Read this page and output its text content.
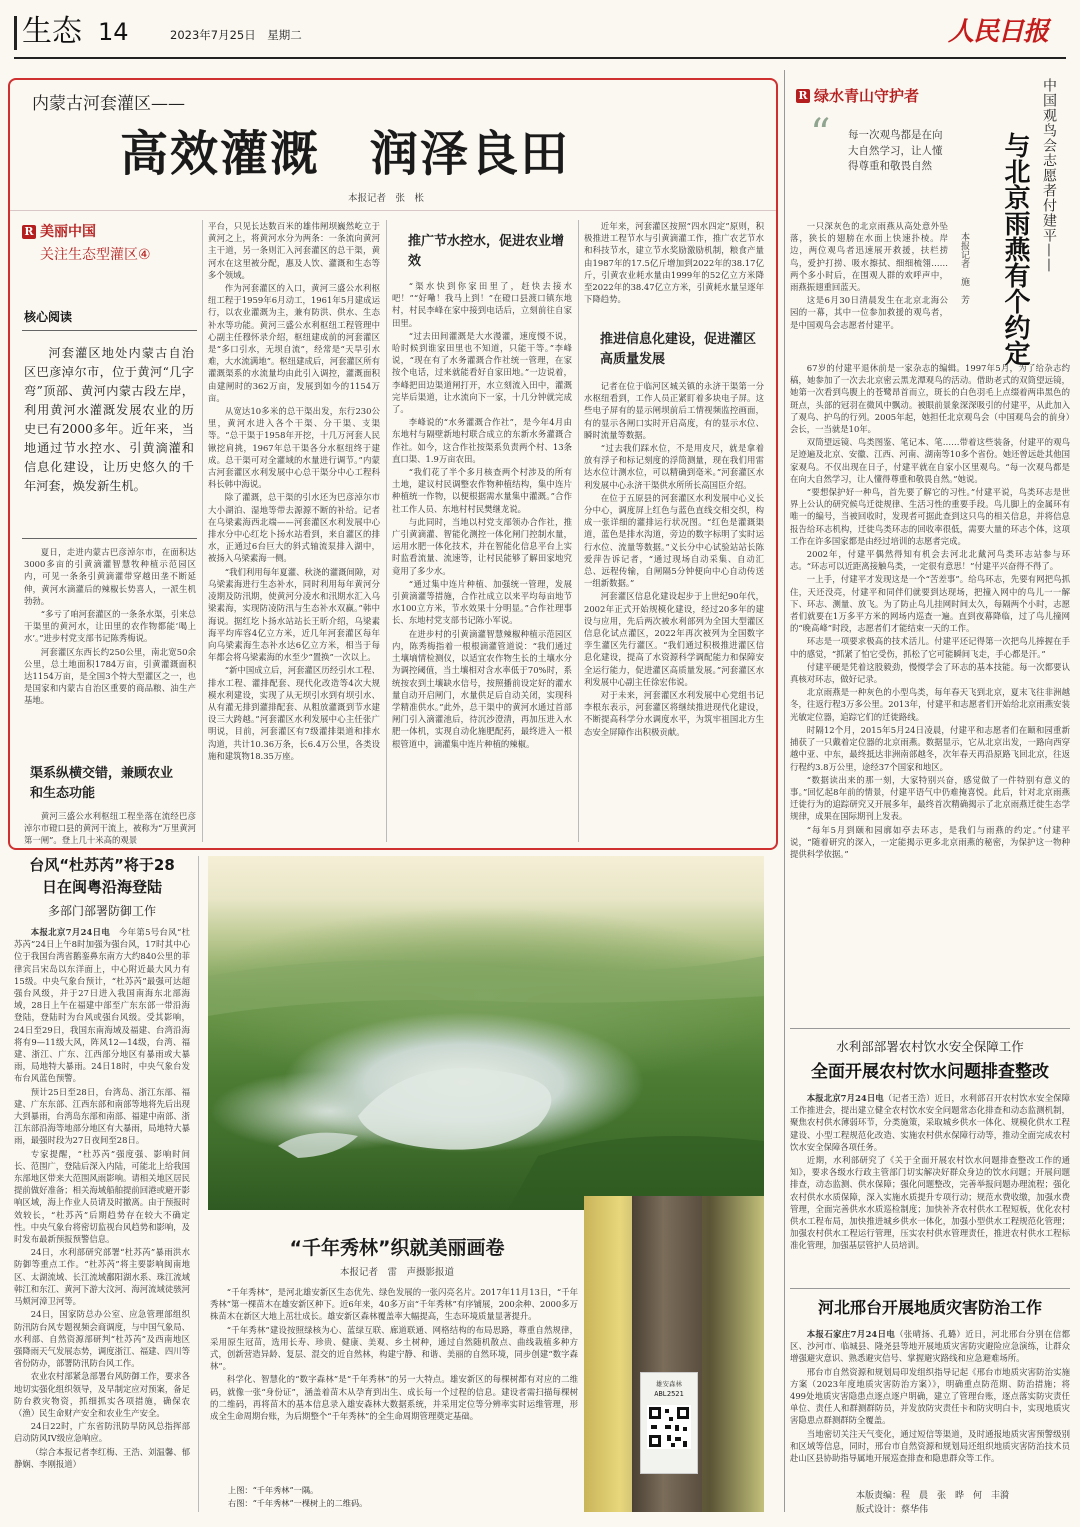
生态 14	2023年7月25日　星期二	人民日报
内蒙古河套灌区——
高效灌溉　润泽良田
本报记者　张　枨
R 美丽中国
关注生态型灌区④
核心阅读
河套灌区地处内蒙古自治区巴彦淖尔市，位于黄河“几字弯”顶部、黄河内蒙古段左岸，利用黄河水灌溉发展农业的历史已有2000多年。近年来，当地通过节水控水、引黄滴灌和信息化建设，让历史悠久的千年河套，焕发新生机。

夏日，走进内蒙古巴彦淖尔市，在面积达3000多亩的引黄滴灌智慧牧种植示范园区内，可见一条条引黄滴灌带穿越田垄不断延伸，黄河水滴灌后的辣椒长势喜人，一派生机勃勃。

“多亏了咱河套灌区的一条条水渠，引来总干渠里的黄河水，让田里的农作物都能‘喝上水’。”进步村党支部书记陈秀梅说。

河套灌区东西长约250公里，南北宽50余公里，总土地面积1784万亩，引黄灌溉面积达1154万亩，是全国3个特大型灌区之一，也是国家和内蒙古自治区重要的商品粮、油生产基地。

渠系纵横交错，兼顾农业和生态功能

黄河三盛公水利枢纽工程坐落在流经巴彦淖尔市磴口县的黄河干流上，被称为“万里黄河第一闸”。登上几十米高的观景

平台，只见长达数百米的雄伟闸坝巍然屹立于黄河之上，将黄河水分为两条：一条流向黄河主干道，另一条则汇入河套灌区的总干渠，黄河水在这里被分配，惠及人饮、灌溉和生态等多个领域。

作为河套灌区的入口，黄河三盛公水利枢纽工程于1959年6月动工，1961年5月建成运行，以农业灌溉为主，兼有防洪、供水、生态补水等功能。黄河三盛公水利枢纽工程管理中心副主任穆怀录介绍，枢纽建成前的河套灌区是“多口引水，无坝自流”，经常是“天旱引水难，大水流满地”。枢纽建成后，河套灌区所有灌溉渠系的水流量均由此引入调控，灌溉面积由建闸时的362万亩，发展到如今的1154万亩。

从宽达10多米的总干渠出发，东行230公里，黄河水进入各个干渠、分干渠、支渠等。“总干渠于1958年开挖，十几万河套人民锹挖肩挑，1967年总干渠各分水枢纽终于建成。总干渠可对全灌域的水量进行调节。”内蒙古河套灌区水利发展中心总干渠分中心工程科科长韩中海说。

除了灌溉，总干渠的引水还为巴彦淖尔市大小湖泊、湿地等带去源源不断的补给。记者在乌梁素海西北端——河套灌区水利发展中心排水分中心红圪卜扬水站看到，来自灌区的排水，正通过6台巨大的斜式轴流泵排入湖中，被扬入乌梁素海一侧。

“我们利用每年夏灌、秋浇的灌溉间隙，对乌梁素海进行生态补水，同时利用每年黄河分凌期及防汛期，使黄河分凌水和汛期水汇入乌梁素海，实现防凌防汛与生态补水双赢。”韩中海说。据红圪卜扬水站站长王昕介绍，乌梁素海平均库容4亿立方米，近几年河套灌区每年向乌梁素海生态补水达6亿立方米，相当于每年都会将乌梁素海的水至少“置换”一次以上。

“新中国成立后，河套灌区历经引水工程、排水工程、灌排配套、现代化改造等4次大规模水利建设，实现了从无坝引水到有坝引水、从有灌无排到灌排配套、从粗放灌溉到节水建设三大跨越。”河套灌区水利发展中心主任张广明说，目前，河套灌区有7级灌排渠道和排水沟道，共计10.36万条，长6.4万公里，各类设施和建筑物18.35万座。

推广节水控水，促进农业增效

“渠水快到你家田里了，赶快去接水吧！”“好嘞！我马上到！”在磴口县渡口镇东地村，村民李峰在家中接到电话后，立刻前往自家田里。

“过去田间灌溉是大水漫灌，速度慢不说，哈时候到谁家田里也不知道，只能干等。”李峰说，“现在有了水务灌溉合作社统一管理，在家按个电话，过来就能看好自家田地。”一边说着，李峰把田边渠道闸打开，水立刻流入田中，灌溉完毕后渠道，让水流向下一家，十几分钟就完成了。

李峰说的“水务灌溉合作社”，是今年4月由东地村与隔壁新地村联合成立的东新水务灌溉合作社。如今，这合作社按渠系负责两个村、13条直口渠、1.9万亩农田。

“我们花了半个多月核查两个村涉及的所有土地，建议村民调整农作物种植结构，集中连片种植统一作物，以便根据需水量集中灌溉。”合作社工作人员、东地村村民樊继龙说。

与此同时，当地以村党支部领办合作社，推广引黄滴灌、智能化测控一体化闸门控制水量，运用水肥一体化技术，并在智能化信息平台上实时监看流量、流速等，让村民能够了解田家地究竟用了多少水。

“通过集中连片种植、加强统一管理，发展引黄滴灌等措施，合作社成立以来平均每亩地节水100立方米，节水效果十分明显。”合作社理事长、东地村党支部书记陈小军说。

在进步村的引黄滴灌智慧辣椒种植示范园区内，陈秀梅指着一根根滴灌管道说：“我们通过土壤墒情检测仪，以适宜农作物生长的土壤水分为调控阈值，当土壤相对含水率低于70%时，系统按农到土壤缺水信号，按照播前设定好的灌水量自动开启闸门，水量供足后自动关闭，实现科学精准供水。”此外，总干渠中的黄河水通过首部闸门引入滴灌池后，待沉沙澄清，再加压进入水肥一体机，实现自动化施肥配药，最终进入一根根管道中，滴灌集中连片种植的辣椒。

近年来，河套灌区按照“四水四定”原则，积极推进工程节水与引黄滴灌工作，推广农艺节水和科技节水，建立节水奖励激励机制，粮食产量由1987年的17.5亿斤增加到2022年的38.17亿斤，引黄农业耗水量由1999年的52亿立方米降至2022年的38.47亿立方米，引黄耗水量呈逐年下降趋势。

推进信息化建设，促进灌区高质量发展

记者在位于临河区城关镇的永济干渠第一分水枢纽看到，工作人员正紧盯着多块电子屏。这些电子屏有的显示闸坝前后工情视频监控画面，有的显示各闸口实时开启高度，有的显示水位、瞬时流量等数据。

“过去我们踩水位，不是用皮尺，就是拿着放有浮子和标记刻度的浮筒测量，现在我们用雷达水位计测水位，可以精确到毫米。”河套灌区水利发展中心永济干渠供水所所长高国臣介绍。

在位于五原县的河套灌区水利发展中心义长分中心，调度屏上红色与蓝色直线交相交织，构成一张详细的灌排运行状况图。“红色是灌溉渠道，蓝色是排水沟道，旁边的数字标明了实时运行水位、流量等数据。”义长分中心试验站站长陈爱萍告诉记者，“通过现场自动采集、自动汇总、远程传输，自闸隔5分钟便向中心自动传送一组新数据。”

河套灌区信息化建设起步于上世纪90年代，2002年正式开始规模化建设，经过20多年的建设与应用，先后两次被水利部列为全国大型灌区信息化试点灌区，2022年再次被列为全国数字孪生灌区先行灌区。“我们通过积极推进灌区信息化建设，提高了水资源科学调配能力和保障安全运行能力，促进灌区高质量发展。”河套灌区水利发展中心副主任徐宏伟说。

对于未来，河套灌区水利发展中心党组书记李根东表示，河套灌区将继续推进现代化建设，不断提高科学分水调度水平，为筑牢祖国北方生态安全屏障作出积极贡献。

台风“杜苏芮”将于28日在闽粤沿海登陆
多部门部署防御工作

本报北京7月24日电　 今年第5号台风“杜苏芮”24日上午8时加强为强台风，17时其中心位于我国台湾省鹅銮鼻东南方大约840公里的菲律宾吕宋岛以东洋面上，中心附近最大风力有15级。中央气象台预计，“杜苏芮”最强可达超强台风级，并于27日进入我国南海东北部海域，28日上午在福建中部至广东东部一带沿海登陆，登陆时为台风或强台风级。受其影响，24日至29日，我国东南海域及福建、台湾沿海将有9—11级大风，阵风12—14级，台湾、福建、浙江、广东、江西部分地区有暴雨或大暴雨，局地特大暴雨。24日18时，中央气象台发布台风蓝色预警。

预计25日至28日，台湾岛、浙江东部、福建、广东东部、江西东部和南部等地将先后出现大到暴雨，台湾岛东部和南部、福建中南部、浙江东部沿海等地部分地区有大暴雨，局地特大暴雨，最强时段为27日夜间至28日。

专家提醒，“杜苏芮”强度强、影响时间长、范围广，登陆后深入内陆，可能北上给我国东部地区带来大范围风雨影响。请相关地区居民提前做好准备；相关海域船舶提前回港或避开影响区域，海上作业人员请及时撤离。由于预报时效较长，“杜苏芮”后期趋势存在较大不确定性。中央气象台将密切监视台风趋势和影响，及时发布最新预报预警信息。

24日，水利部研究部署“杜苏芮”暴雨洪水防御等重点工作。“杜苏芮”将主要影响闽南地区、太湖流域、长江流域鄱阳湖水系、珠江流域韩江和东江、黄河下游大汶河、海河流域徒骇河马颊河漳卫河等。

24日，国家防总办公室、应急管理部组织防汛防台风专题视频会商调度，与中国气象局、水利部、自然资源部研判“杜苏芮”及西南地区强降雨天气发展态势，调度浙江、福建、四川等省份防办，部署防汛防台风工作。

农业农村部紧急部署台风防御工作，要求各地切实强化组织领导，及早制定应对预案，备足防台救灾物资，抓细抓实各项措施，确保农（渔）民生命财产安全和农业生产安全。

24日22时，广东省防汛防旱防风总指挥部启动防风IV级应急响应。

（综合本报记者李红梅、王浩、刘温馨、郁静娴、李刚报道）

雄安森林
ABL2521
“千年秀林”织就美丽画卷
本报记者　雷　声摄影报道

“千年秀林”，是河北雄安新区生态优先、绿色发展的一张闪亮名片。2017年11月13日，“千年秀林”第一棵苗木在雄安新区种下。近6年来，40多万亩“千年秀林”有序铺展，200余种、2000多万株苗木在新区大地上茁壮成长。雄安新区森林覆盖率大幅提高，生态环境质量显著提升。

“千年秀林”建设按照绿核为心、蓝绿互联、廊道联通、网格结构的布局思路，尊重自然规律，采用原生冠苗，选用长寿、珍贵、健康、美观、乡土树种，通过自然随机散点、曲线栽植多种方式，创新营造异龄、复层、混交的近自然林，构建宁静、和谐、美丽的自然环境，同步创建“数字森林”。

科学化、智慧化的“数字森林”是“千年秀林”的另一大特点。雄安新区的每棵树都有对应的二维码，就像一张“身份证”，涵盖着苗木从孕育到出生、成长每一个过程的信息。建设者需扫描每棵树的二维码，再将苗木的基本信息录入雄安森林大数据系统，并采用定位等分辨率实时运维管理，形成全生命周期台账，为后期整个“千年秀林”的全生命周期管理奠定基础。

上图：“千年秀林”一隅。
右图：“千年秀林”一棵树上的二维码。
R 绿水青山守护者
“ 每一次观鸟都是在向大自然学习，让人懂得尊重和敬畏自然	中国观鸟会志愿者付建平——
与北京雨燕有个约定
本报记者　施　芳

一只深灰色的北京雨燕从高处意外坠落，狭长的翅膀在水面上快速扑棱。岸边，两位观鸟者迅速展开救援，扶栏捞鸟，爱护打捞、吸水擦拭、细细梳翎……两个多小时后，在围观人群的欢呼声中，雨燕振翅重回蓝天。

这是6月30日清晨发生在北京北海公园的一幕，其中一位参加救援的观鸟者，是中国观鸟会志愿者付建平。

67岁的付建平退休前是一家杂志的编辑。1997年5月，为了给杂志约稿，她参加了一次去北京密云黑龙潭观鸟的活动。借助老式的双筒望远镜，她第一次看到鸟腹上的苍鹭昂首而立，斑长的白色羽毛上点缀着两串黑色的斑点，头部的冠羽在微风中飘动。被眼前景象深深吸引的付建平，从此加入了观鸟、护鸟的行列。2005年起，她担任北京观鸟会（中国观鸟会的前身）会长，一当就是10年。

双筒望远镜、鸟类图鉴、笔记本、笔……带着这些装备，付建平的观鸟足迹遍及北京、安徽、江西、河南、湖南等10多个省份。她还曾远赴其他国家观鸟。不仅出现在日子，付建平就在自家小区里观鸟。“每一次观鸟都是在向大自然学习，让人懂得尊重和敬畏自然。”她说。

“要想保护好一种鸟，首先要了解它的习性。”付建平说，鸟类环志是世界上公认的研究候鸟迁徙规律、生活习性的重要手段。鸟儿脚上的金属环有唯一的编号，当被回收时，发现者可据此查到这只鸟的相关信息，并将信息报告给环志机构，迁徙鸟类环志的回收率很低，需要大量的环志个体，这项工作在许多国家都是由经过培训的志愿者完成。

2002年，付建平偶然得知有机会去河北北戴河鸟类环志站参与环志。“环志可以近距离接触鸟类，一定很有意思！”付建平兴奋得不得了。

一上手，付建平才发现这是一个“苦差事”。给鸟环志，先要有网把鸟抓住，天还没亮，付建平和同伴们就要到达现场，把撞入网中的鸟儿一一解下、环志、测量、放飞。为了防止鸟儿挂网时间太久，每隔两个小时，志愿者们就要在1万多平方米的网场内巡查一遍。直到夜幕降临，过了鸟儿撞网的“晚高峰”时段，志愿者们才能结束一天的工作。

环志是一项要求极高的技术活儿。付建平还记得第一次把鸟儿捧握在手中的感觉，“抓紧了怕它受伤，抓松了它可能瞬间飞走，手心都是汗。”

付建平硬是凭着这股毅劲，慢慢学会了环志的基本技能。每一次都要认真核对环志，做好记录。

北京雨燕是一种灰色的小型鸟类，每年春天飞到北京，夏末飞往非洲越冬，往返行程3万多公里。2013年，付建平和志愿者们开始给北京雨燕安装光敏定位器，追踪它们的迁徙路线。

时隔12个月，2015年5月24日凌晨，付建平和志愿者们在颐和园重新捕获了一只戴着定位器的北京雨燕。数据显示，它从北京出发，一路向西穿越中亚、中东，最终抵达非洲南部越冬，次年春天再沿原路飞回北京，往返行程约3.8万公里，途经37个国家和地区。

“数据读出来的那一刻，大家特别兴奋，感觉做了一件特别有意义的事。”回忆起8年前的情景，付建平语气中仍难掩喜悦。此后，针对北京雨燕迁徙行为的追踪研究又开展多年，最终首次精确揭示了北京雨燕迁徙生态学规律，成果在国际期刊上发表。

“每年5月到颐和园廓如亭去环志，是我们与雨燕的约定。”付建平说，“随着研究的深入，一定能揭示更多北京雨燕的秘密，为保护这一物种提供科学依据。”

水利部部署农村饮水安全保障工作
全面开展农村饮水问题排查整改

本报北京7月24日电（记者王浩）近日，水利部召开农村饮水安全保障工作推进会，提出建立健全农村饮水安全问题常态化排查和动态监测机制，聚焦农村供水薄弱环节，分类施策，采取城乡供水一体化、规模化供水工程建设、小型工程规范化改造、实施农村供水保障行动等，推动全面完成农村饮水安全保障各项任务。

近期，水利部研究了《关于全面开展农村饮水问题排查整改工作的通知》，要求各级水行政主管部门切实解决好群众身边的饮水问题；开展问题排查，动态监测、供水保障；强化问题整改，完善举报问题办理流程；强化农村供水水质保障，深入实施水质提升专项行动；规范水费收缴，加强水费管理，全面完善供水水质巡检制度；加快补齐农村供水工程短板，优化农村供水工程布局，加快推进城乡供水一体化，加强小型供水工程规范化管理；加强农村供水工程运行管理，压实农村供水管理责任，推进农村供水工程标准化管理，加强基层管护人员培训。

河北邢台开展地质灾害防治工作

本报石家庄7月24日电（张晴扬、孔璐）近日，河北邢台分别在信都区、沙河市、临城县、隆尧县等地开展地质灾害防灾避险应急演练，让群众增强避灾意识、熟悉避灾信号、掌握避灾路线和应急避难场所。

邢台市自然资源和规划局印发组织指导记起《邢台市地质灾害防治实施方案（2023年度地质灾害防治方案）》，明确重点防范期、防治措施；将499处地质灾害隐患点逐点逐户明确，建立了管理台账，逐点落实防灾责任单位、责任人和群测群防员，并发放防灾责任卡和防灾明白卡，实现地质灾害隐患点群测群防全覆盖。

当地密切关注天气变化，通过短信等渠道，及时通报地质灾害预警级别和区域等信息，同时，邢台市自然资源和规划局还组织地质灾害防治技术员赴山区县协助指导属地开展巡查排查和隐患群众等工作。

本版责编：程　晨　张　晔　何　丰漪
版式设计：蔡华伟
